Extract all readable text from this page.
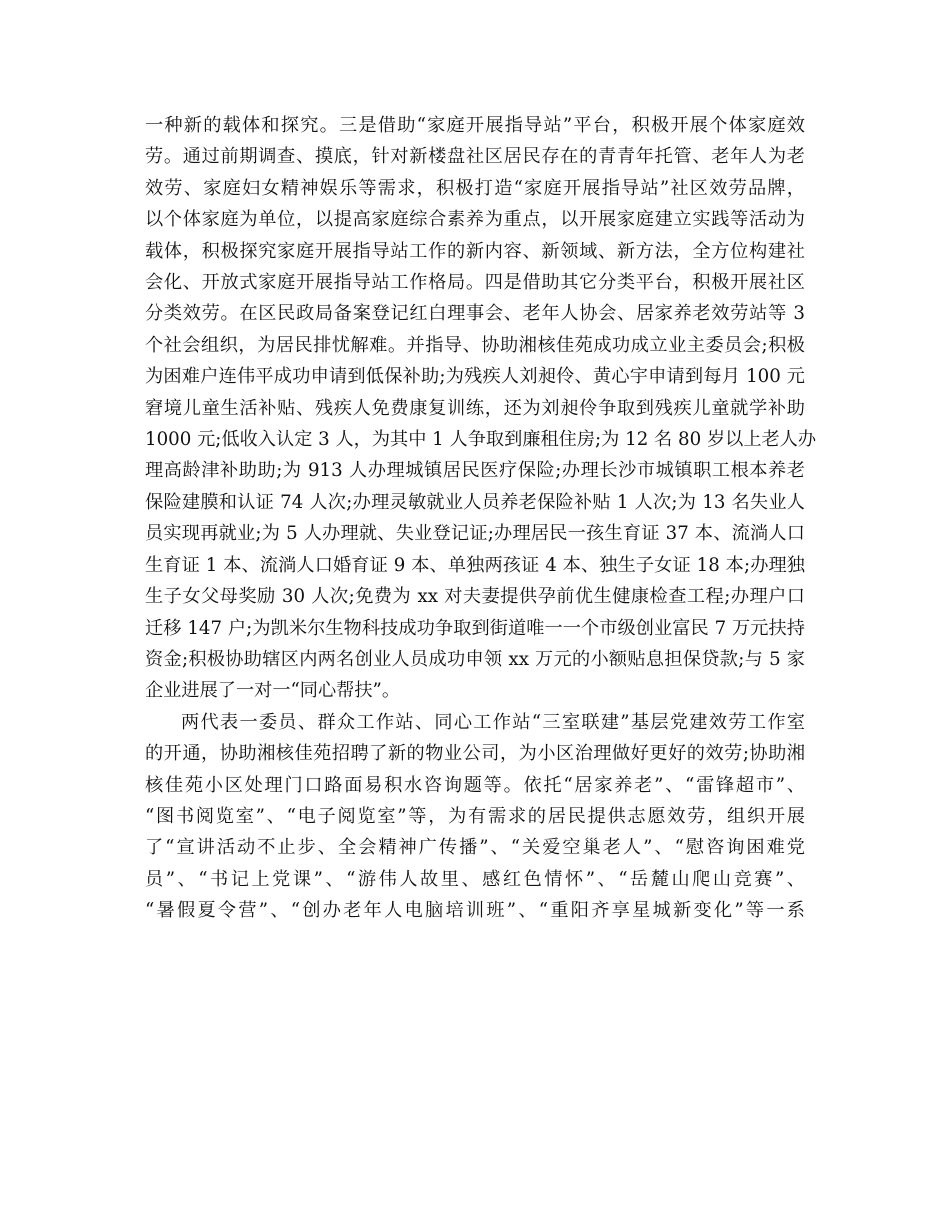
一种新的载体和探究。三是借助“家庭开展指导站”平台，积极开展个体家庭效
劳。通过前期调查、摸底，针对新楼盘社区居民存在的青青年托管、老年人为老
效劳、家庭妇女精神娱乐等需求，积极打造“家庭开展指导站”社区效劳品牌，
以个体家庭为单位，以提高家庭综合素养为重点，以开展家庭建立实践等活动为
载体，积极探究家庭开展指导站工作的新内容、新领域、新方法，全方位构建社
会化、开放式家庭开展指导站工作格局。四是借助其它分类平台，积极开展社区
分类效劳。在区民政局备案登记红白理事会、老年人协会、居家养老效劳站等 3
个社会组织，为居民排忧解难。并指导、协助湘核佳苑成功成立业主委员会;积极
为困难户连伟平成功申请到低保补助;为残疾人刘昶伶、黄心宇申请到每月 100 元
窘境儿童生活补贴、残疾人免费康复训练，还为刘昶伶争取到残疾儿童就学补助
1000 元;低收入认定 3 人，为其中 1 人争取到廉租住房;为 12 名 80 岁以上老人办
理高龄津补助助;为 913 人办理城镇居民医疗保险;办理长沙市城镇职工根本养老
保险建膜和认证 74 人次;办理灵敏就业人员养老保险补贴 1 人次;为 13 名失业人
员实现再就业;为 5 人办理就、失业登记证;办理居民一孩生育证 37 本、流淌人口
生育证 1 本、流淌人口婚育证 9 本、单独两孩证 4 本、独生子女证 18 本;办理独
生子女父母奖励 30 人次;免费为 xx 对夫妻提供孕前优生健康检查工程;办理户口
迁移 147 户;为凯米尔生物科技成功争取到街道唯一一个市级创业富民 7 万元扶持
资金;积极协助辖区内两名创业人员成功申领 xx 万元的小额贴息担保贷款;与 5 家
企业进展了一对一“同心帮扶”。
两代表一委员、群众工作站、同心工作站“三室联建”基层党建效劳工作室
的开通，协助湘核佳苑招聘了新的物业公司，为小区治理做好更好的效劳;协助湘
核佳苑小区处理门口路面易积水咨询题等。依托“居家养老”、“雷锋超市”、
“图书阅览室”、“电子阅览室”等，为有需求的居民提供志愿效劳，组织开展
了“宣讲活动不止步、全会精神广传播”、“关爱空巢老人”、“慰咨询困难党
员”、“书记上党课”、“游伟人故里、感红色情怀”、“岳麓山爬山竞赛”、
“暑假夏令营”、“创办老年人电脑培训班”、“重阳齐享星城新变化”等一系
